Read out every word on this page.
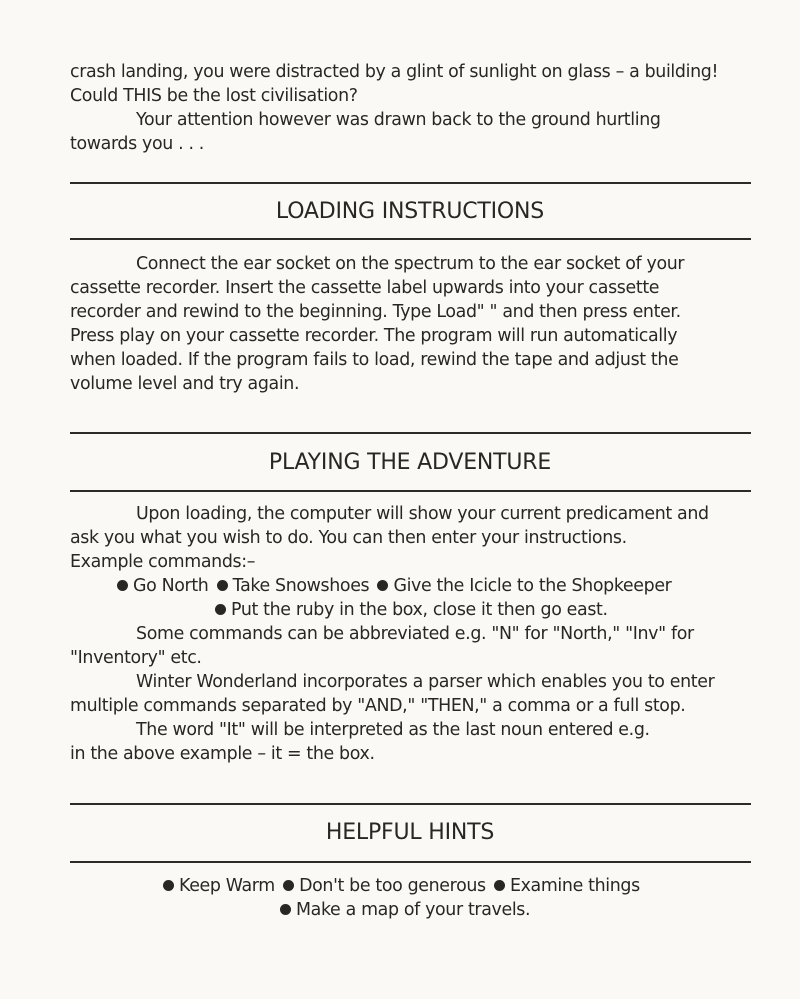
crash landing, you were distracted by a glint of sunlight on glass – a building!
Could THIS be the lost civilisation?
Your attention however was drawn back to the ground hurtling
towards you . . .
LOADING INSTRUCTIONS
Connect the ear socket on the spectrum to the ear socket of your
cassette recorder. Insert the cassette label upwards into your cassette
recorder and rewind to the beginning. Type Load" " and then press enter.
Press play on your cassette recorder. The program will run automatically
when loaded. If the program fails to load, rewind the tape and adjust the
volume level and try again.
PLAYING THE ADVENTURE
Upon loading, the computer will show your current predicament and
ask you what you wish to do. You can then enter your instructions.
Example commands:–
Go North Take Snowshoes Give the Icicle to the Shopkeeper
Put the ruby in the box, close it then go east.
Some commands can be abbreviated e.g. "N" for "North," "Inv" for
"Inventory" etc.
Winter Wonderland incorporates a parser which enables you to enter
multiple commands separated by "AND," "THEN," a comma or a full stop.
The word "It" will be interpreted as the last noun entered e.g.
in the above example – it = the box.
HELPFUL HINTS
Keep Warm Don't be too generous Examine things
Make a map of your travels.
